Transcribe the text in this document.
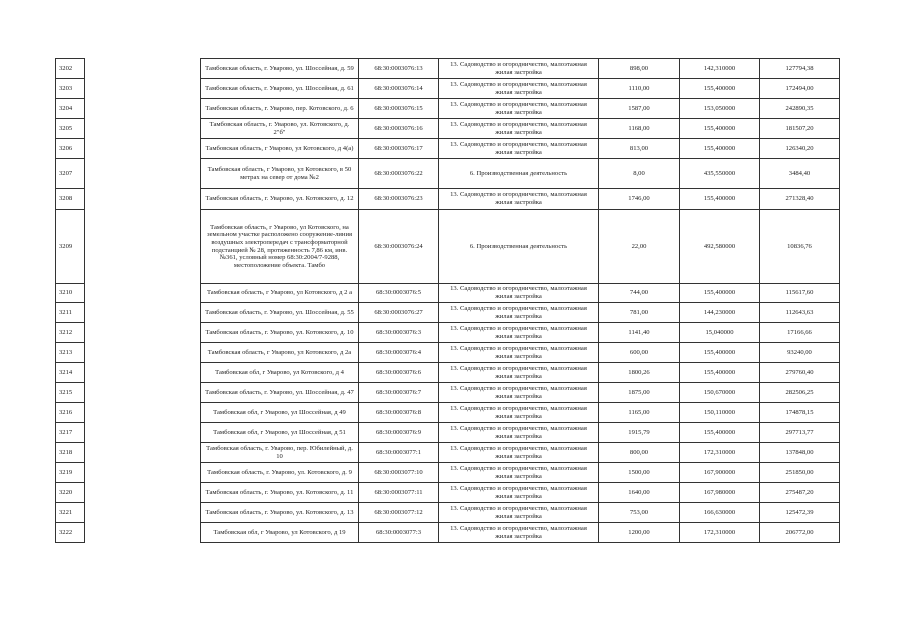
3202		Тамбовская область, г. Уварово, ул. Шоссейная, д. 59	68:30:0003076:13	13. Садоводство и огородничество, малоэтажная жилая застройка	898,00	142,310000	127794,38
3203		Тамбовская область, г. Уварово, ул. Шоссейная, д. 61	68:30:0003076:14	13. Садоводство и огородничество, малоэтажная жилая застройка	1110,00	155,400000	172494,00
3204		Тамбовская область, г. Уварово, пер. Котовского, д. 6	68:30:0003076:15	13. Садоводство и огородничество, малоэтажная жилая застройка	1587,00	153,050000	242890,35
3205		Тамбовская область, г. Уварово, ул. Котовского, д. 2"б"	68:30:0003076:16	13. Садоводство и огородничество, малоэтажная жилая застройка	1168,00	155,400000	181507,20
3206		Тамбовская область, г Уварово, ул Котовского, д 4(а)	68:30:0003076:17	13. Садоводство и огородничество, малоэтажная жилая застройка	813,00	155,400000	126340,20
3207		Тамбовская область, г Уварово, ул Котовского, в 50 метрах на север от дома №2	68:30:0003076:22	6. Производственная деятельность	8,00	435,550000	3484,40
3208		Тамбовская область, г. Уварово, ул. Котовского, д. 12	68:30:0003076:23	13. Садоводство и огородничество, малоэтажная жилая застройка	1746,00	155,400000	271328,40
3209		Тамбовская область, г Уварово, ул Котовского, на земельном участке расположено сооружение-линия воздушных электропередач с трансформаторной подстанцией № 28, протяженность 7,86 км, инв.№361, условный номер 68:30:2004/7-9288, местоположение объекта. Тамбо	68:30:0003076:24	6. Производственная деятельность	22,00	492,580000	10836,76
3210		Тамбовская область, г Уварово, ул Котовского, д 2 а	68:30:0003076:5	13. Садоводство и огородничество, малоэтажная жилая застройка	744,00	155,400000	115617,60
3211		Тамбовская область, г. Уварово, ул. Шоссейная, д. 55	68:30:0003076:27	13. Садоводство и огородничество, малоэтажная жилая застройка	781,00	144,230000	112643,63
3212		Тамбовская область, г. Уварово, ул. Котовского, д. 10	68:30:0003076:3	13. Садоводство и огородничество, малоэтажная жилая застройка	1141,40	15,040000	17166,66
3213		Тамбовская область, г Уварово, ул Котовского, д 2а	68:30:0003076:4	13. Садоводство и огородничество, малоэтажная жилая застройка	600,00	155,400000	93240,00
3214		Тамбовская обл, г Уварово, ул Котовского, д 4	68:30:0003076:6	13. Садоводство и огородничество, малоэтажная жилая застройка	1800,26	155,400000	279760,40
3215		Тамбовская область, г. Уварово, ул. Шоссейная, д. 47	68:30:0003076:7	13. Садоводство и огородничество, малоэтажная жилая застройка	1875,00	150,670000	282506,25
3216		Тамбовская обл, г Уварово, ул Шоссейная, д 49	68:30:0003076:8	13. Садоводство и огородничество, малоэтажная жилая застройка	1165,00	150,110000	174878,15
3217		Тамбовская обл, г Уварово, ул Шоссейная, д 51	68:30:0003076:9	13. Садоводство и огородничество, малоэтажная жилая застройка	1915,79	155,400000	297713,77
3218		Тамбовская область, г. Уварово, пер. Юбилейный, д. 10	68:30:0003077:1	13. Садоводство и огородничество, малоэтажная жилая застройка	800,00	172,310000	137848,00
3219		Тамбовская область, г. Уварово, ул. Котовского, д. 9	68:30:0003077:10	13. Садоводство и огородничество, малоэтажная жилая застройка	1500,00	167,900000	251850,00
3220		Тамбовская область, г. Уварово, ул. Котовского, д. 11	68:30:0003077:11	13. Садоводство и огородничество, малоэтажная жилая застройка	1640,00	167,980000	275487,20
3221		Тамбовская область, г. Уварово, ул. Котовского, д. 13	68:30:0003077:12	13. Садоводство и огородничество, малоэтажная жилая застройка	753,00	166,630000	125472,39
3222		Тамбовская обл, г Уварово, ул Котовского, д 19	68:30:0003077:3	13. Садоводство и огородничество, малоэтажная жилая застройка	1200,00	172,310000	206772,00
